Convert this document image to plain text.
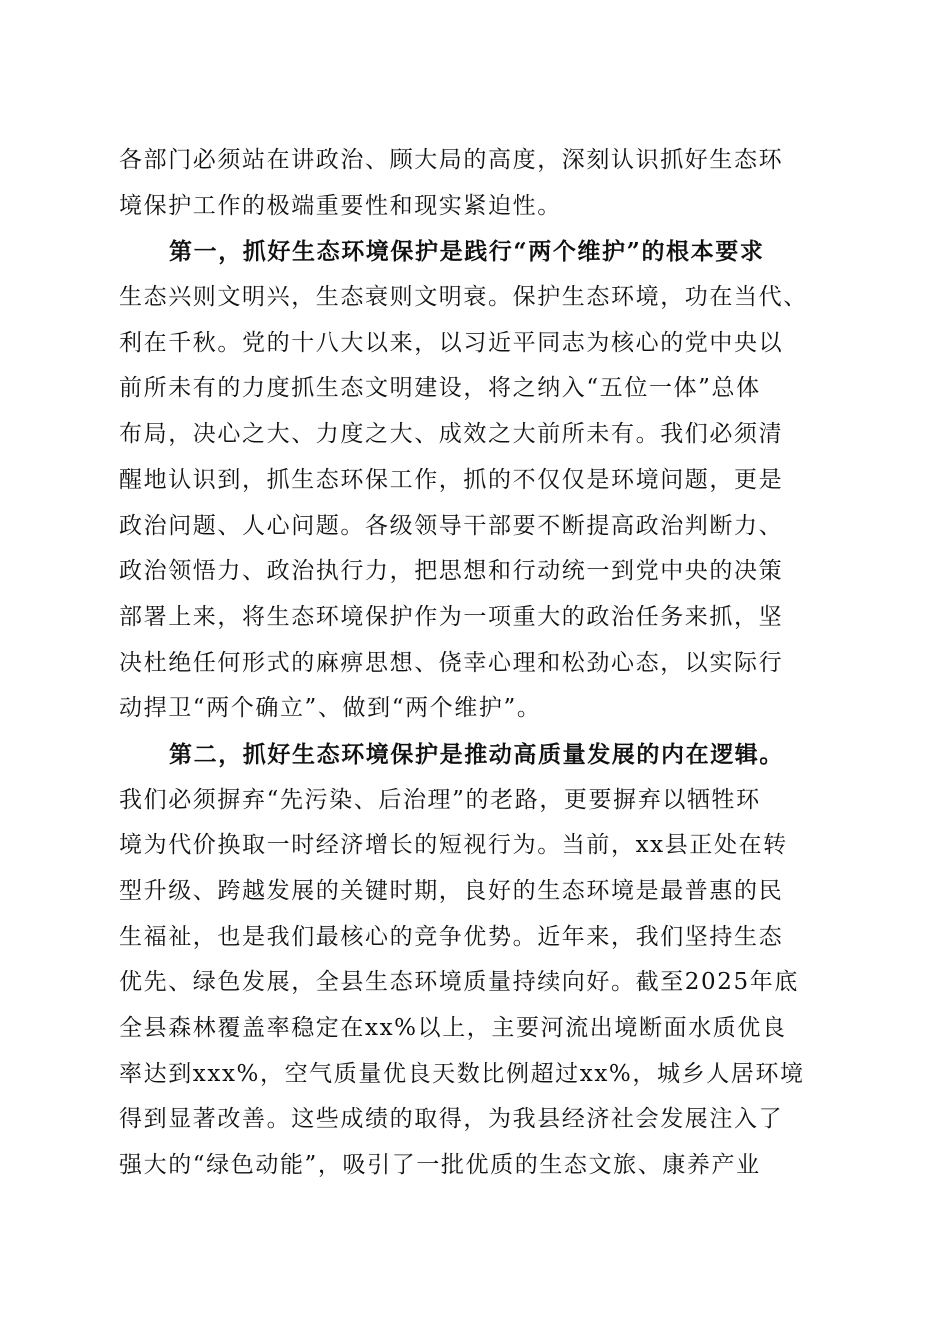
各部门必须站在讲政治、顾大局的高度，深刻认识抓好生态环
境保护工作的极端重要性和现实紧迫性。
第一，抓好生态环境保护是践行“两个维护”的根本要求
生态兴则文明兴，生态衰则文明衰。保护生态环境，功在当代、
利在千秋。党的十八大以来，以习近平同志为核心的党中央以
前所未有的力度抓生态文明建设，将之纳入“五位一体”总体
布局，决心之大、力度之大、成效之大前所未有。我们必须清
醒地认识到，抓生态环保工作，抓的不仅仅是环境问题，更是
政治问题、人心问题。各级领导干部要不断提高政治判断力、
政治领悟力、政治执行力，把思想和行动统一到党中央的决策
部署上来，将生态环境保护作为一项重大的政治任务来抓，坚
决杜绝任何形式的麻痹思想、侥幸心理和松劲心态，以实际行
动捍卫“两个确立”、做到“两个维护”。
第二，抓好生态环境保护是推动高质量发展的内在逻辑。
我们必须摒弃“先污染、后治理”的老路，更要摒弃以牺牲环
境为代价换取一时经济增长的短视行为。当前，xx县正处在转
型升级、跨越发展的关键时期，良好的生态环境是最普惠的民
生福祉，也是我们最核心的竞争优势。近年来，我们坚持生态
优先、绿色发展，全县生态环境质量持续向好。截至2025年底
全县森林覆盖率稳定在xx%以上，主要河流出境断面水质优良
率达到xxx%，空气质量优良天数比例超过xx%，城乡人居环境
得到显著改善。这些成绩的取得，为我县经济社会发展注入了
强大的“绿色动能”，吸引了一批优质的生态文旅、康养产业
